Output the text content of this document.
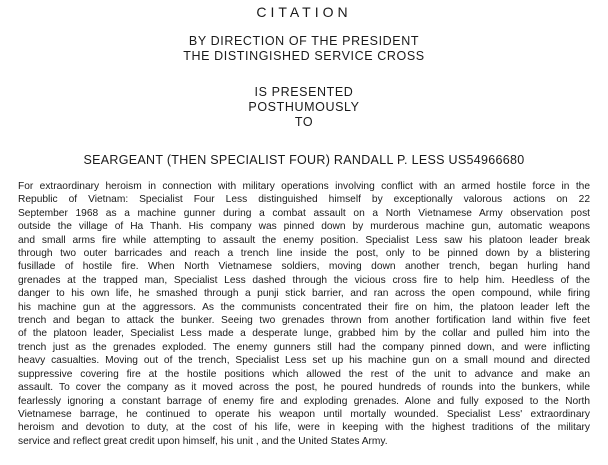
CITATION
BY DIRECTION OF THE PRESIDENT
THE DISTINGISHED SERVICE CROSS
IS PRESENTED
POSTHUMOUSLY
TO
SEARGEANT (THEN SPECIALIST FOUR) RANDALL P. LESS US54966680
For extraordinary heroism in connection with military operations involving conflict with an armed hostile force in the
Republic of Vietnam: Specialist Four Less distinguished himself by exceptionally valorous actions on 22
September 1968 as a machine gunner during a combat assault on a North Vietnamese Army observation post
outside the village of Ha Thanh. His company was pinned down by murderous machine gun, automatic weapons
and small arms fire while attempting to assault the enemy position. Specialist Less saw his platoon leader break
through two outer barricades and reach a trench line inside the post, only to be pinned down by a blistering
fusillade of hostile fire. When North Vietnamese soldiers, moving down another trench, began hurling hand
grenades at the trapped man, Specialist Less dashed through the vicious cross fire to help him. Heedless of the
danger to his own life, he smashed through a punji stick barrier, and ran across the open compound, while firing
his machine gun at the aggressors. As the communists concentrated their fire on him, the platoon leader left the
trench and began to attack the bunker. Seeing two grenades thrown from another fortification land within five feet
of the platoon leader, Specialist Less made a desperate lunge, grabbed him by the collar and pulled him into the
trench just as the grenades exploded. The enemy gunners still had the company pinned down, and were inflicting
heavy casualties. Moving out of the trench, Specialist Less set up his machine gun on a small mound and directed
suppressive covering fire at the hostile positions which allowed the rest of the unit to advance and make an
assault. To cover the company as it moved across the post, he poured hundreds of rounds into the bunkers, while
fearlessly ignoring a constant barrage of enemy fire and exploding grenades. Alone and fully exposed to the North
Vietnamese barrage, he continued to operate his weapon until mortally wounded. Specialist Less' extraordinary
heroism and devotion to duty, at the cost of his life, were in keeping with the highest traditions of the military
service and reflect great credit upon himself, his unit , and the United States Army.
